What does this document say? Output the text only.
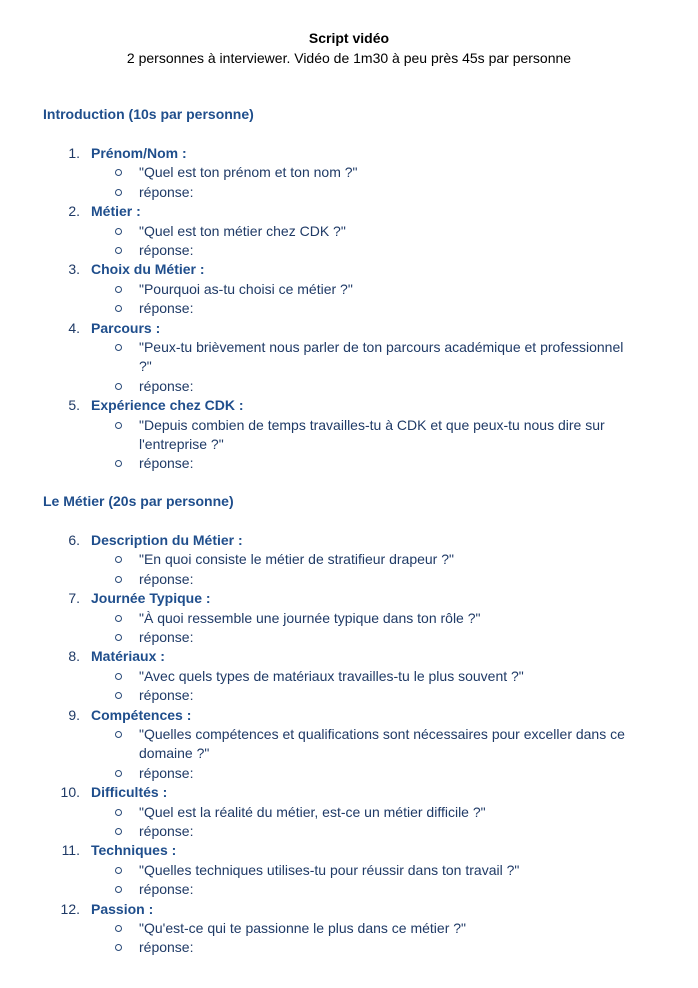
Script vidéo
2 personnes à interviewer. Vidéo de 1m30 à peu près 45s par personne
Introduction (10s par personne)
1. Prénom/Nom :
"Quel est ton prénom et ton nom ?"
réponse:
2. Métier :
"Quel est ton métier chez CDK ?"
réponse:
3. Choix du Métier :
"Pourquoi as-tu choisi ce métier ?"
réponse:
4. Parcours :
"Peux-tu brièvement nous parler de ton parcours académique et professionnel ?"
réponse:
5. Expérience chez CDK :
"Depuis combien de temps travailles-tu à CDK et que peux-tu nous dire sur l'entreprise ?"
réponse:
Le Métier (20s par personne)
6. Description du Métier :
"En quoi consiste le métier de stratifieur drapeur ?"
réponse:
7. Journée Typique :
"À quoi ressemble une journée typique dans ton rôle ?"
réponse:
8. Matériaux :
"Avec quels types de matériaux travailles-tu le plus souvent ?"
réponse:
9. Compétences :
"Quelles compétences et qualifications sont nécessaires pour exceller dans ce domaine ?"
réponse:
10. Difficultés :
"Quel est la réalité du métier, est-ce un métier difficile ?"
réponse:
11. Techniques :
"Quelles techniques utilises-tu pour réussir dans ton travail ?"
réponse:
12. Passion :
"Qu'est-ce qui te passionne le plus dans ce métier ?"
réponse:
